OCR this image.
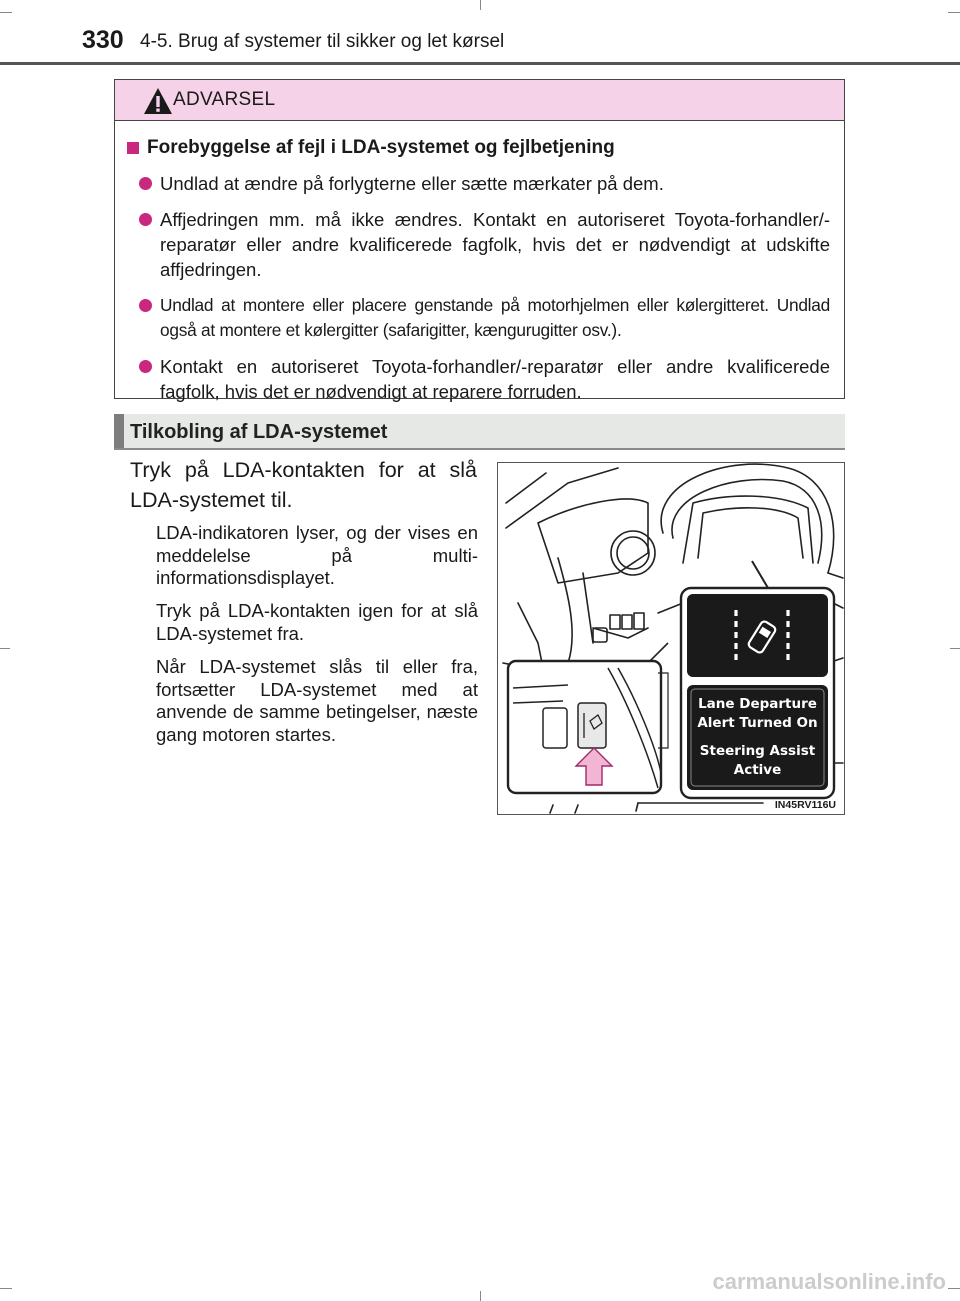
330 4-5. Brug af systemer til sikker og let kørsel
ADVARSEL
Forebyggelse af fejl i LDA-systemet og fejlbetjening
Undlad at ændre på forlygterne eller sætte mærkater på dem.
Affjedringen mm. må ikke ændres. Kontakt en autoriseret Toyota-forhandler/-reparatør eller andre kvalificerede fagfolk, hvis det er nødvendigt at udskifte affjedringen.
Undlad at montere eller placere genstande på motorhjelmen eller kølergitteret. Undlad også at montere et kølergitter (safarigitter, kængurugitter osv.).
Kontakt en autoriseret Toyota-forhandler/-reparatør eller andre kvalificerede fagfolk, hvis det er nødvendigt at reparere forruden.
Tilkobling af LDA-systemet
Tryk på LDA-kontakten for at slå LDA-systemet til.
LDA-indikatoren lyser, og der vises en meddelelse på multi-informationsdisplayet.
Tryk på LDA-kontakten igen for at slå LDA-systemet fra.
Når LDA-systemet slås til eller fra, fortsætter LDA-systemet med at anvende de samme betingelser, næste gang motoren startes.
Lane Departure
Alert Turned On
Steering Assist
Active
IN45RV116U
carmanualsonline.info
